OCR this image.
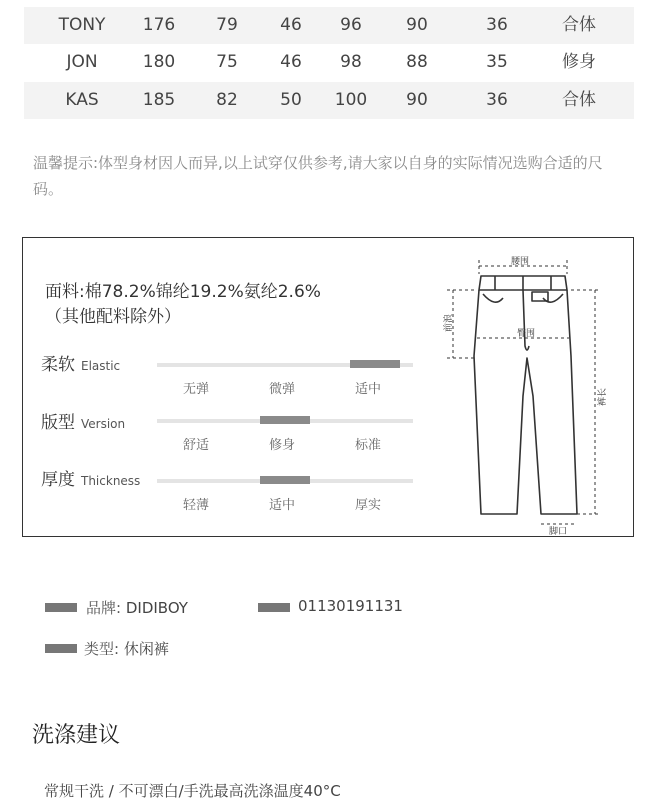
TONY	176	79	46	96	90	36	合体
JON	180	75	46	98	88	35	修身
KAS	185	82	50	100	90	36	合体

温馨提示:体型身材因人而异,以上试穿仅供参考,请大家以自身的实际情况选购合适的尺码。

面料:棉78.2%锦纶19.2%氨纶2.6%
（其他配料除外）
柔软 Elastic
无弹	微弹	适中
版型 Version
舒适	修身	标准
厚度 Thickness
轻薄	适中	厚实
腰围
前浪
臀围
裤长
脚口
品牌: DIDIBOY	01130191131
类型: 休闲裤
洗涤建议
常规干洗 / 不可漂白/手洗最高洗涤温度40°C
